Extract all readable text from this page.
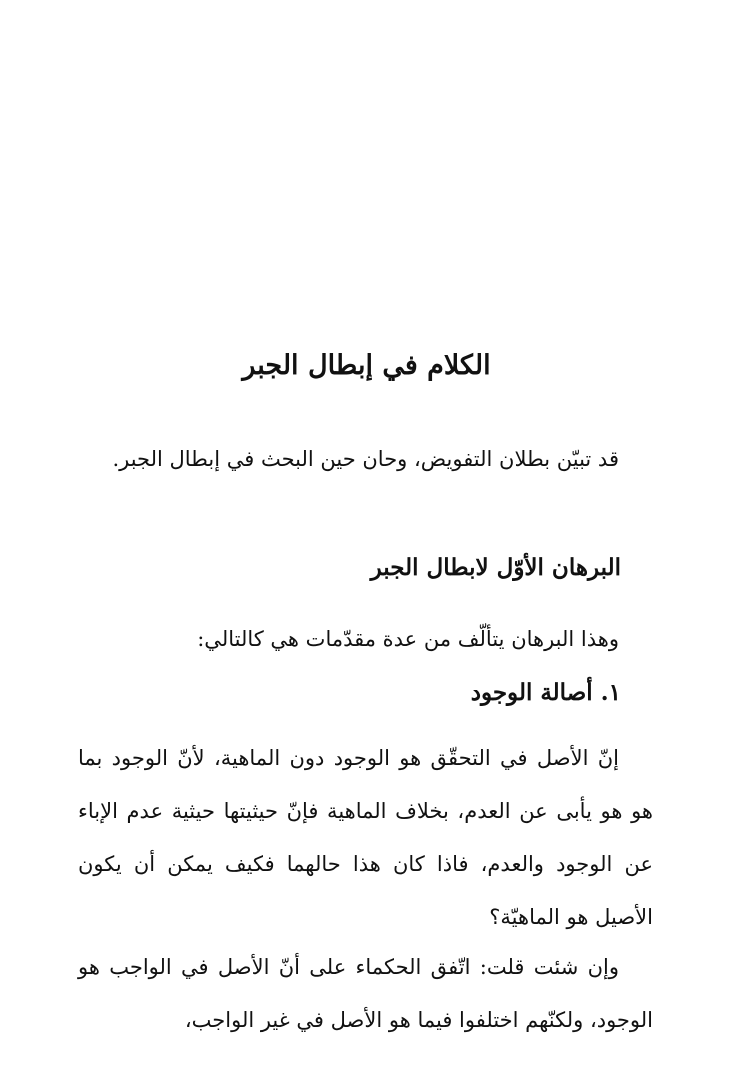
الكلام في إبطال الجبر

قد تبيّن بطلان التفويض، وحان حين البحث في إبطال الجبر.

البرهان الأوّل لابطال الجبر

وهذا البرهان يتألّف من عدة مقدّمات هي كالتالي:

١. أصالة الوجود

إنّ الأصل في التحقّق هو الوجود دون الماهية، لأنّ الوجود بما هو هو يأبى عن العدم، بخلاف الماهية فإنّ حيثيتها حيثية عدم الإباء عن الوجود والعدم، فاذا كان هذا حالهما فكيف يمكن أن يكون الأصيل هو الماهيّة؟

وإن شئت قلت: اتّفق الحكماء على أنّ الأصل في الواجب هو الوجود، ولكنّهم اختلفوا فيما هو الأصل في غير الواجب،
